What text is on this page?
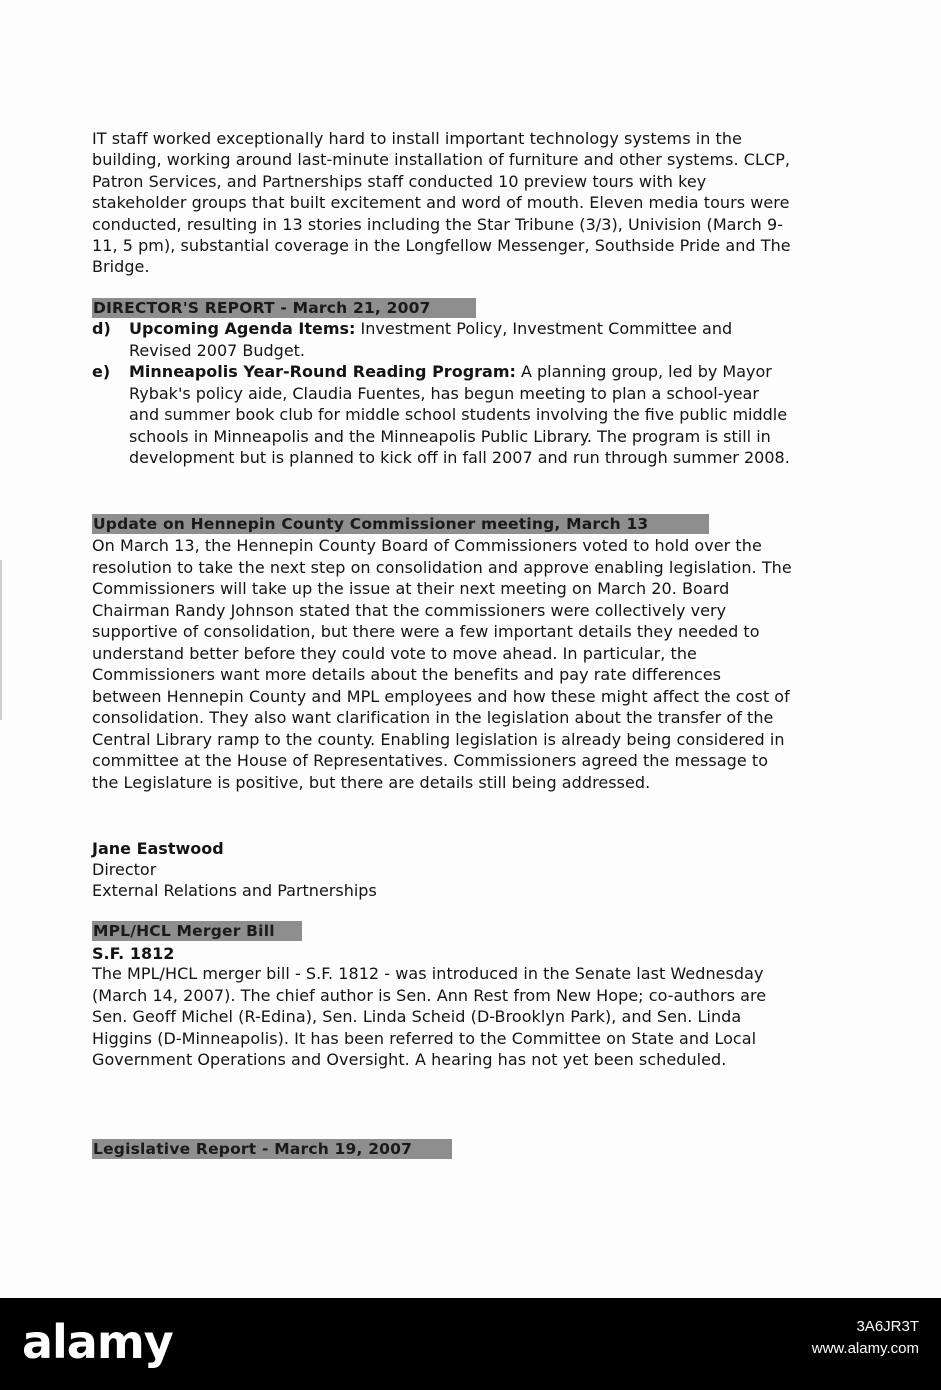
IT staff worked exceptionally hard to install important technology systems in the building, working around last-minute installation of furniture and other systems. CLCP, Patron Services, and Partnerships staff conducted 10 preview tours with key stakeholder groups that built excitement and word of mouth. Eleven media tours were conducted, resulting in 13 stories including the Star Tribune (3/3), Univision (March 9-11, 5 pm), substantial coverage in the Longfellow Messenger, Southside Pride and The Bridge.
DIRECTOR'S REPORT - March 21, 2007
d) Upcoming Agenda Items: Investment Policy, Investment Committee and Revised 2007 Budget.
e) Minneapolis Year-Round Reading Program: A planning group, led by Mayor Rybak's policy aide, Claudia Fuentes, has begun meeting to plan a school-year and summer book club for middle school students involving the five public middle schools in Minneapolis and the Minneapolis Public Library. The program is still in development but is planned to kick off in fall 2007 and run through summer 2008.
Update on Hennepin County Commissioner meeting, March 13
On March 13, the Hennepin County Board of Commissioners voted to hold over the resolution to take the next step on consolidation and approve enabling legislation. The Commissioners will take up the issue at their next meeting on March 20. Board Chairman Randy Johnson stated that the commissioners were collectively very supportive of consolidation, but there were a few important details they needed to understand better before they could vote to move ahead. In particular, the Commissioners want more details about the benefits and pay rate differences between Hennepin County and MPL employees and how these might affect the cost of consolidation. They also want clarification in the legislation about the transfer of the Central Library ramp to the county. Enabling legislation is already being considered in committee at the House of Representatives. Commissioners agreed the message to the Legislature is positive, but there are details still being addressed.
Jane Eastwood
Director
External Relations and Partnerships
MPL/HCL Merger Bill
S.F. 1812
The MPL/HCL merger bill - S.F. 1812 - was introduced in the Senate last Wednesday (March 14, 2007). The chief author is Sen. Ann Rest from New Hope; co-authors are Sen. Geoff Michel (R-Edina), Sen. Linda Scheid (D-Brooklyn Park), and Sen. Linda Higgins (D-Minneapolis). It has been referred to the Committee on State and Local Government Operations and Oversight. A hearing has not yet been scheduled.
Legislative Report - March 19, 2007
alamy	3A6JR3T
www.alamy.com
